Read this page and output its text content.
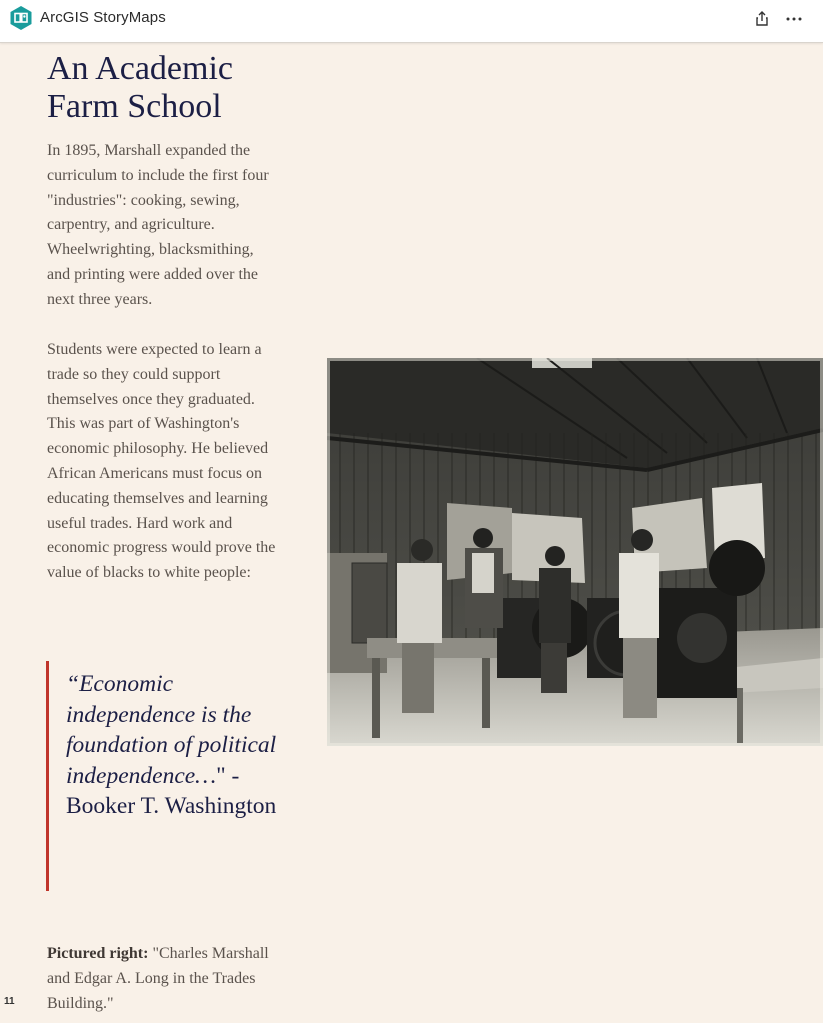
ArcGIS StoryMaps
An Academic Farm School

In 1895, Marshall expanded the curriculum to include the first four "industries": cooking, sewing, carpentry, and agriculture. Wheelwrighting, blacksmithing, and printing were added over the next three years.

Students were expected to learn a trade so they could support themselves once they graduated. This was part of Washington's economic philosophy. He believed African Americans must focus on educating themselves and learning useful trades. Hard work and economic progress would prove the value of blacks to white people:

“Economic independence is the foundation of political independence…" -Booker T. Washington

Pictured right: "Charles Marshall and Edgar A. Long in the Trades Building."

11
